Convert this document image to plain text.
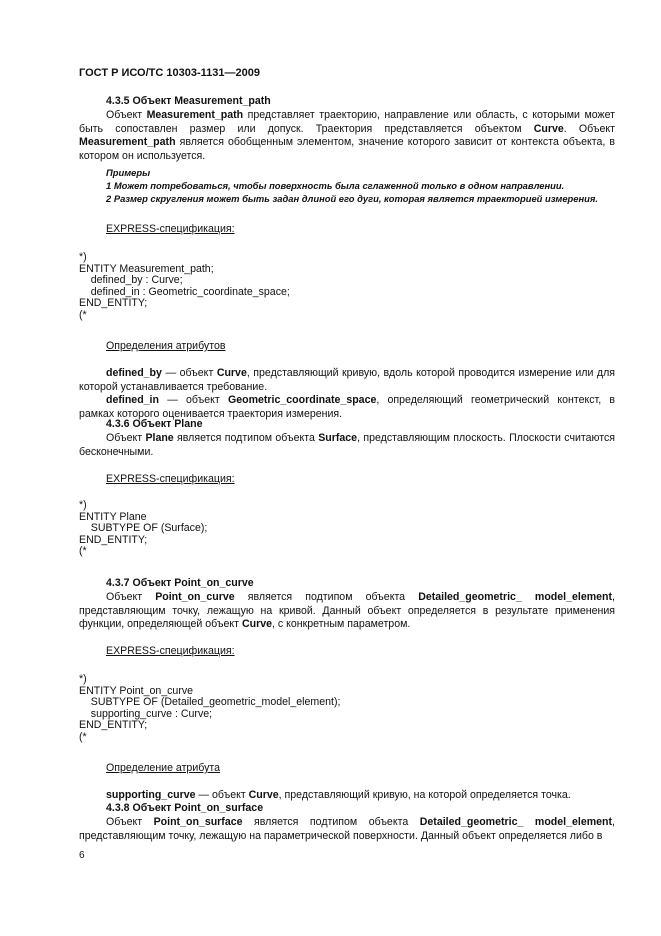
ГОСТ Р ИСО/ТС 10303-1131—2009
4.3.5 Объект Measurement_path
Объект Measurement_path представляет траекторию, направление или область, с которыми может быть сопоставлен размер или допуск. Траектория представляется объектом Curve. Объект Measurement_path является обобщенным элементом, значение которого зависит от контекста объекта, в котором он используется.
Примеры
1 Может потребоваться, чтобы поверхность была сглаженной только в одном направлении.
2 Размер скругления может быть задан длиной его дуги, которая является траекторией измерения.
EXPRESS-спецификация:
*)
ENTITY Measurement_path;
defined_by : Curve;
defined_in : Geometric_coordinate_space;
END_ENTITY;
(*
Определения атрибутов
defined_by — объект Curve, представляющий кривую, вдоль которой проводится измерение или для которой устанавливается требование.
defined_in — объект Geometric_coordinate_space, определяющий геометрический контекст, в рамках которого оценивается траектория измерения.
4.3.6 Объект Plane
Объект Plane является подтипом объекта Surface, представляющим плоскость. Плоскости считаются бесконечными.
EXPRESS-спецификация:
*)
ENTITY Plane
SUBTYPE OF (Surface);
END_ENTITY;
(*
4.3.7 Объект Point_on_curve
Объект Point_on_curve является подтипом объекта Detailed_geometric_ model_element, представляющим точку, лежащую на кривой. Данный объект определяется в результате применения функции, определяющей объект Curve, с конкретным параметром.
EXPRESS-спецификация:
*)
ENTITY Point_on_curve
SUBTYPE OF (Detailed_geometric_model_element);
supporting_curve : Curve;
END_ENTITY;
(*
Определение атрибута
supporting_curve — объект Curve, представляющий кривую, на которой определяется точка.
4.3.8 Объект Point_on_surface
Объект Point_on_surface является подтипом объекта Detailed_geometric_ model_element, представляющим точку, лежащую на параметрической поверхности. Данный объект определяется либо в
6
